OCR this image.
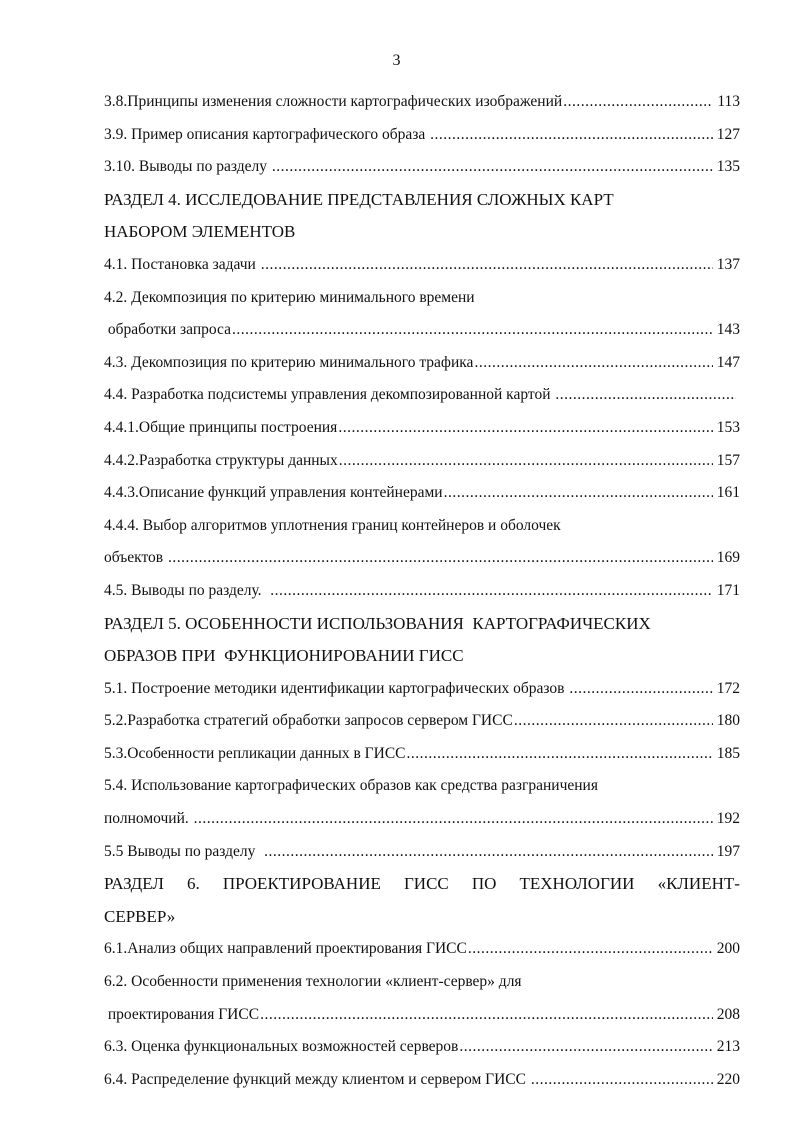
3
3.8.Принципы изменения сложности картографических изображений .....	113
3.9. Пример описания картографического образа .....	127
3.10. Выводы по разделу .....	135
РАЗДЕЛ 4. ИССЛЕДОВАНИЕ ПРЕДСТАВЛЕНИЯ СЛОЖНЫХ КАРТ
НАБОРОМ ЭЛЕМЕНТОВ
4.1. Постановка задачи .....	137
4.2. Декомпозиция по критерию минимального времени
обработки запроса .....	143
4.3. Декомпозиция по критерию минимального трафика .....	147
4.4. Разработка подсистемы управления декомпозированной картой
.....
4.4.1.Общие принципы построения .....	153
4.4.2.Разработка структуры данных .....	157
4.4.3.Описание функций управления контейнерами .....	161
4.4.4. Выбор алгоритмов уплотнения границ контейнеров и оболочек
объектов .....	169
4.5. Выводы по разделу. .....	171
РАЗДЕЛ 5. ОСОБЕННОСТИ ИСПОЛЬЗОВАНИЯ  КАРТОГРАФИЧЕСКИХ
ОБРАЗОВ ПРИ  ФУНКЦИОНИРОВАНИИ ГИСС
5.1. Построение методики идентификации картографических образов .....	172
5.2.Разработка стратегий обработки запросов сервером ГИСС .....	180
5.3.Особенности репликации данных в ГИСС .....	185
5.4. Использование картографических образов как средства разграничения
полномочий. .....	192
5.5 Выводы по разделу .....	197
РАЗДЕЛ 6. ПРОЕКТИРОВАНИЕ ГИСС ПО ТЕХНОЛОГИИ «КЛИЕНТ-
СЕРВЕР»
6.1.Анализ общих направлений проектирования ГИСС .....	200
6.2. Особенности применения технологии «клиент-сервер» для
проектирования ГИСС .....	208
6.3. Оценка функциональных возможностей серверов .....	213
6.4. Распределение функций между клиентом и сервером ГИСС .....	220
